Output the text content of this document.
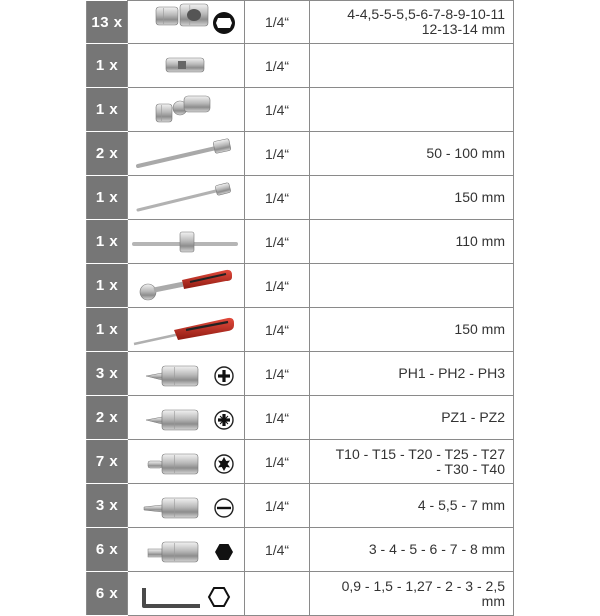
13 x		1/4“	4-4,5-5-5,5-6-7-8-9-10-11
12-13-14 mm

1 x		1/4“	
1 x		1/4“	
2 x		1/4“	50 - 100 mm

1 x		1/4“	150 mm

1 x		1/4“	110 mm

1 x		1/4“	
1 x		1/4“	150 mm

3 x		1/4“	PH1 - PH2 - PH3

2 x		1/4“	PZ1 - PZ2

7 x		1/4“	T10 - T15 - T20 - T25 - T27
- T30 - T40

3 x		1/4“	4 - 5,5 - 7 mm

6 x		1/4“	3 - 4 - 5 - 6 - 7 - 8 mm

6 x			0,9 - 1,5 - 1,27 - 2 - 3 - 2,5
mm
